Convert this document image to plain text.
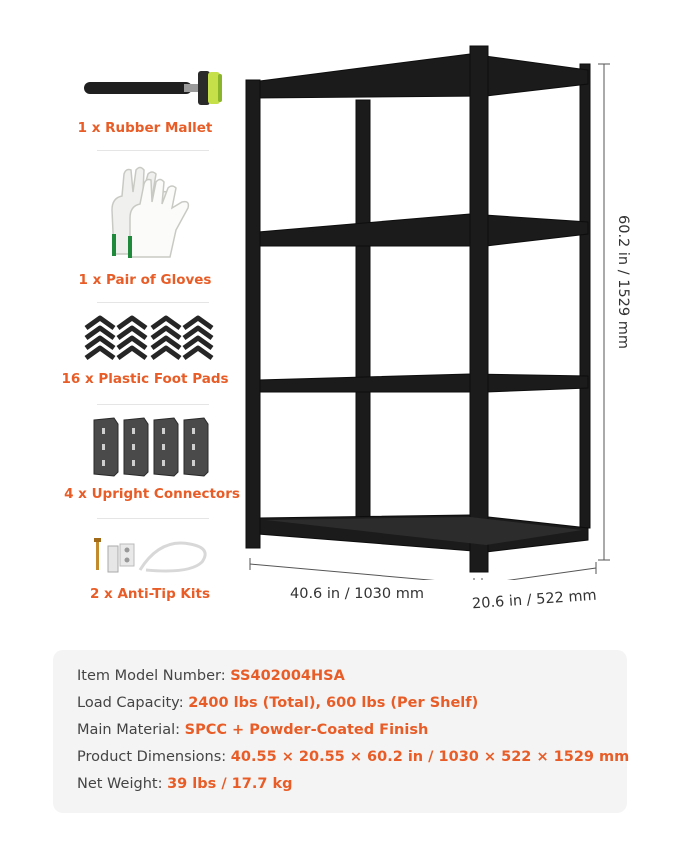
1 x Rubber Mallet
1 x Pair of Gloves
16 x Plastic Foot Pads
4 x Upright Connectors
2 x Anti-Tip Kits
60.2 in / 1529 mm
40.6 in / 1030 mm	20.6 in / 522 mm
Item Model Number: SS402004HSA
Load Capacity: 2400 lbs (Total), 600 lbs (Per Shelf)
Main Material: SPCC + Powder-Coated Finish
Product Dimensions: 40.55 × 20.55 × 60.2 in / 1030 × 522 × 1529 mm
Net Weight: 39 lbs / 17.7 kg
